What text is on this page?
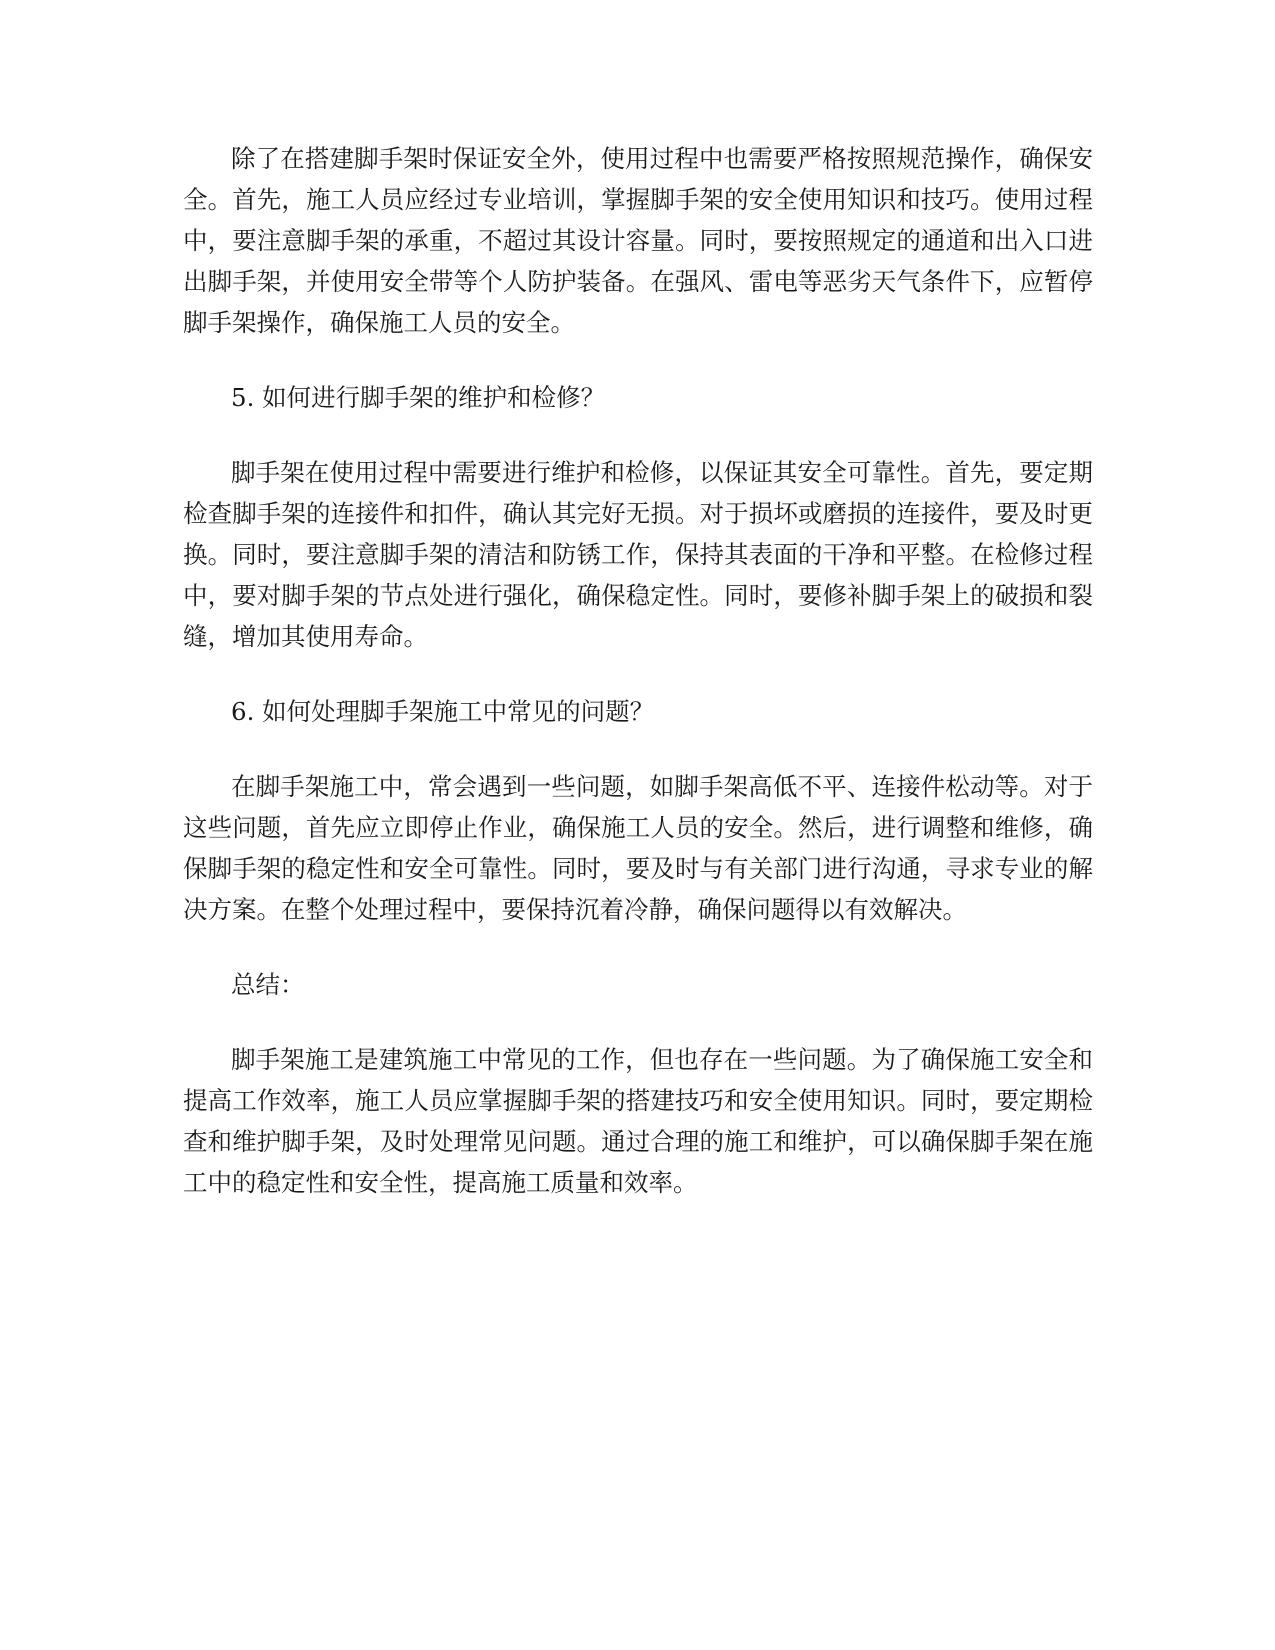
除了在搭建脚手架时保证安全外，使用过程中也需要严格按照规范操作，确保安全。首先，施工人员应经过专业培训，掌握脚手架的安全使用知识和技巧。使用过程中，要注意脚手架的承重，不超过其设计容量。同时，要按照规定的通道和出入口进出脚手架，并使用安全带等个人防护装备。在强风、雷电等恶劣天气条件下，应暂停脚手架操作，确保施工人员的安全。

5. 如何进行脚手架的维护和检修？

脚手架在使用过程中需要进行维护和检修，以保证其安全可靠性。首先，要定期检查脚手架的连接件和扣件，确认其完好无损。对于损坏或磨损的连接件，要及时更换。同时，要注意脚手架的清洁和防锈工作，保持其表面的干净和平整。在检修过程中，要对脚手架的节点处进行强化，确保稳定性。同时，要修补脚手架上的破损和裂缝，增加其使用寿命。

6. 如何处理脚手架施工中常见的问题？

在脚手架施工中，常会遇到一些问题，如脚手架高低不平、连接件松动等。对于这些问题，首先应立即停止作业，确保施工人员的安全。然后，进行调整和维修，确保脚手架的稳定性和安全可靠性。同时，要及时与有关部门进行沟通，寻求专业的解决方案。在整个处理过程中，要保持沉着冷静，确保问题得以有效解决。

总结：

脚手架施工是建筑施工中常见的工作，但也存在一些问题。为了确保施工安全和提高工作效率，施工人员应掌握脚手架的搭建技巧和安全使用知识。同时，要定期检查和维护脚手架，及时处理常见问题。通过合理的施工和维护，可以确保脚手架在施工中的稳定性和安全性，提高施工质量和效率。
